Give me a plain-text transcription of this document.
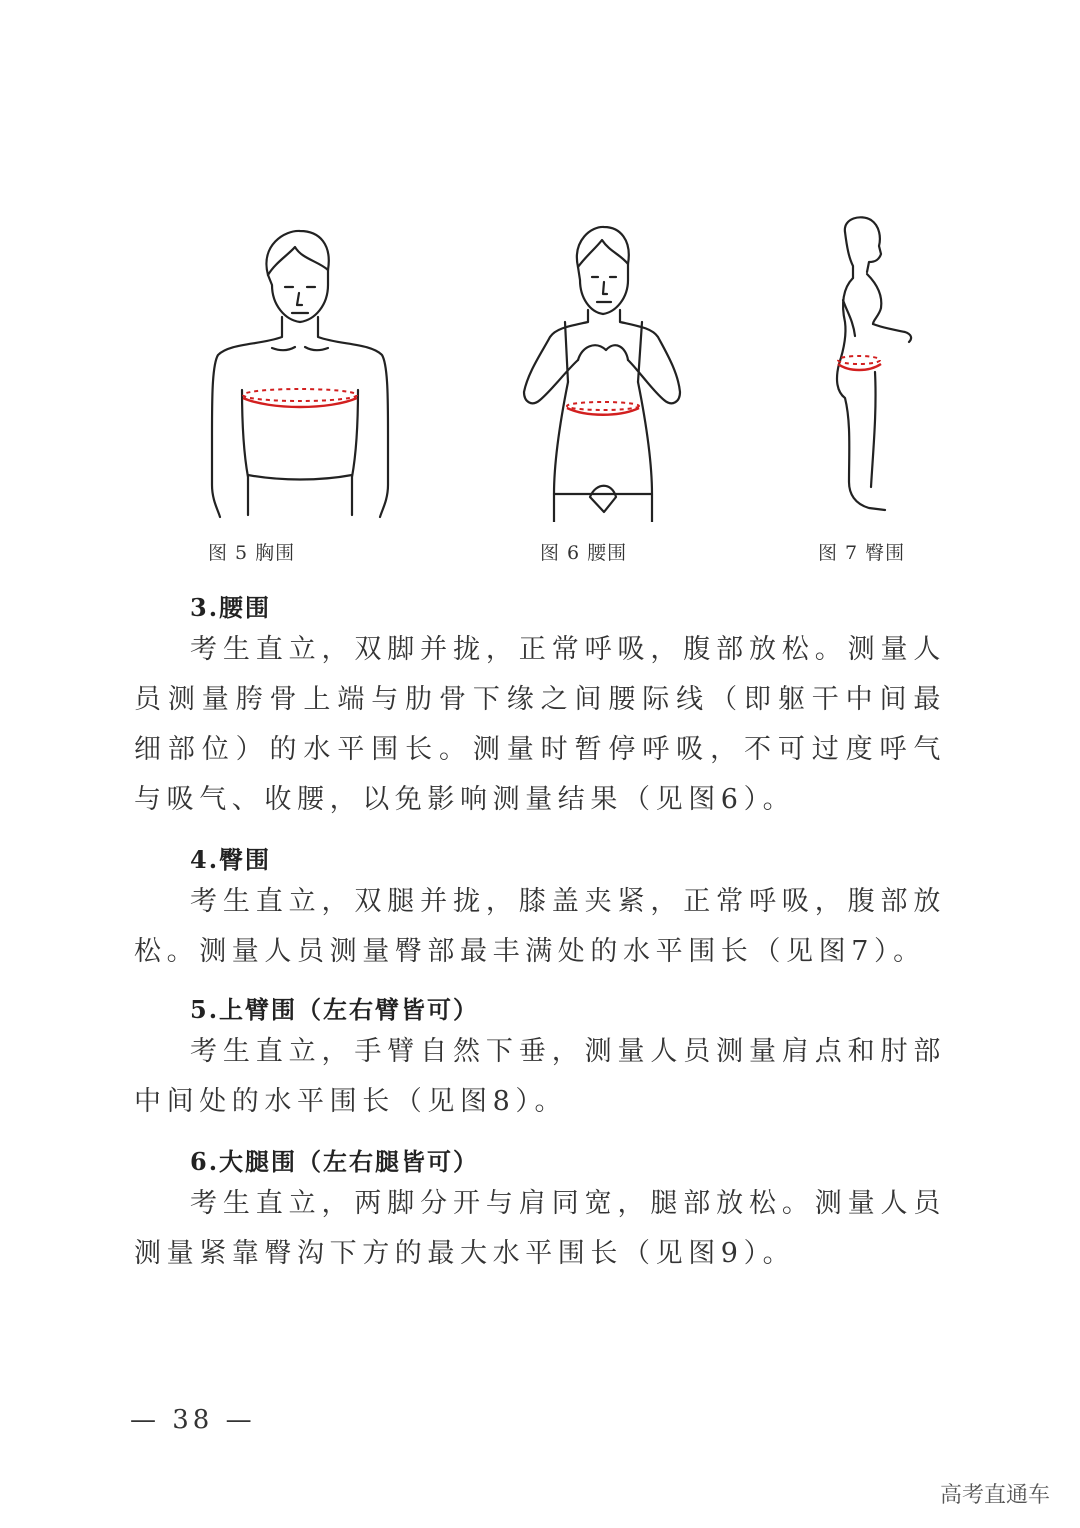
图 5 胸围	图 6 腰围	图 7 臀围
3.腰围
考生直立，双脚并拢，正常呼吸，腹部放松。测量人员测量胯骨上端与肋骨下缘之间腰际线（即躯干中间最细部位）的水平围长。测量时暂停呼吸，不可过度呼气与吸气、收腰，以免影响测量结果（见图6）。
4.臀围
考生直立，双腿并拢，膝盖夹紧，正常呼吸，腹部放松。测量人员测量臀部最丰满处的水平围长（见图7）。
5.上臂围（左右臂皆可）
考生直立，手臂自然下垂，测量人员测量肩点和肘部中间处的水平围长（见图8）。
6.大腿围（左右腿皆可）
考生直立，两脚分开与肩同宽，腿部放松。测量人员测量紧靠臀沟下方的最大水平围长（见图9）。
— 38 —
高考直通车
